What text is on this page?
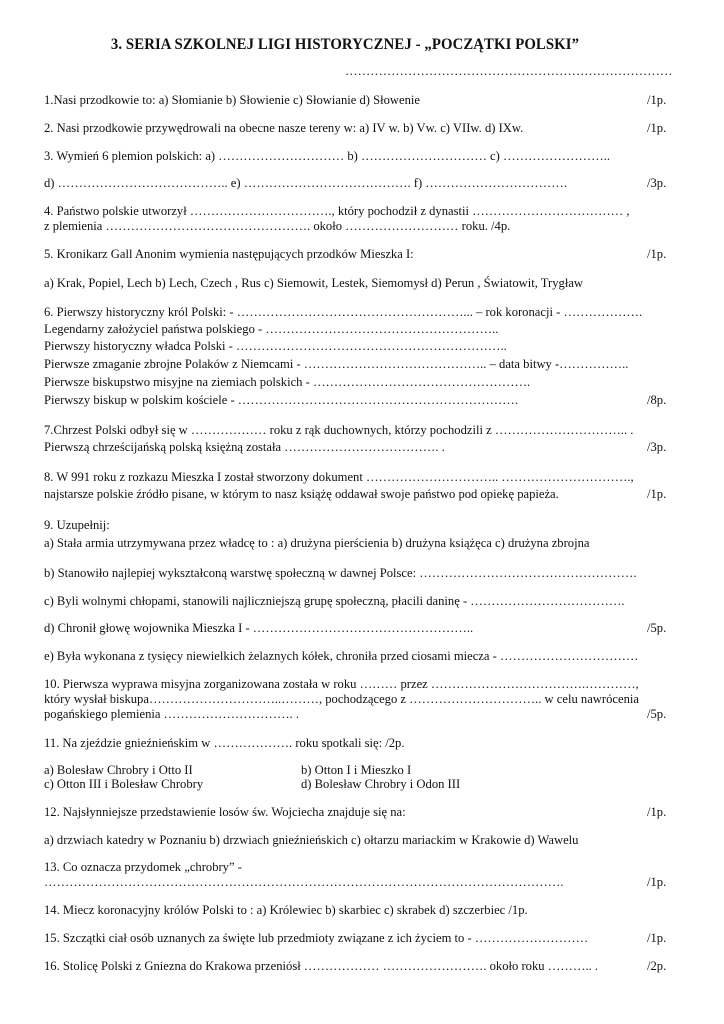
3. SERIA SZKOLNEJ LIGI HISTORYCZNEJ - „POCZĄTKI POLSKI”
……………………………………………………………………
1.Nasi przodkowie to: a) Słomianie b) Słowienie c) Słowianie d) Słowenie	/1p.
2. Nasi przodkowie przywędrowali na obecne nasze tereny w: a) IV w. b) Vw. c) VIIw. d) IXw.	/1p.
3. Wymień 6 plemion polskich: a) ………………………… b) ………………………… c) ……………………..
d) ………………………………….. e) …………………………………. f) …………………………….	/3p.
4. Państwo polskie utworzył ……………………………., który pochodził z dynastii ……………………………… ,
z plemienia …………………………………………. około ……………………… roku. /4p.
5. Kronikarz Gall Anonim wymienia następujących przodków Mieszka I:	/1p.
a) Krak, Popiel, Lech b) Lech, Czech , Rus c) Siemowit, Lestek, Siemomysł d) Perun , Światowit, Trygław
6. Pierwszy historyczny król Polski: - ………………………………………………... – rok koronacji - ……………….
Legendarny założyciel państwa polskiego - ………………………………………………..
Pierwszy historyczny władca Polski - ………………………………………………………..
Pierwsze zmaganie zbrojne Polaków z Niemcami - …………………………………….. – data bitwy -……………..
Pierwsze biskupstwo misyjne na ziemiach polskich - …………………………………………….
Pierwszy biskup w polskim kościele - ………………………………………………………….	/8p.
7.Chrzest Polski odbył się w ……………… roku z rąk duchownych, którzy pochodzili z ………………………….. .
Pierwszą chrześcijańską polską księżną została ………………………………. .	/3p.
8. W 991 roku z rozkazu Mieszka I został stworzony dokument ………………………….. ………………………….,
najstarsze polskie źródło pisane, w którym to nasz książę oddawał swoje państwo pod opiekę papieża.	/1p.
9. Uzupełnij:
a) Stała armia utrzymywana przez władcę to : a) drużyna pierścienia b) drużyna książęca c) drużyna zbrojna
b) Stanowiło najlepiej wykształconą warstwę społeczną w dawnej Polsce: …………………………………………….
c) Byli wolnymi chłopami, stanowili najliczniejszą grupę społeczną, płacili daninę - ……………………………….
d) Chronił głowę wojownika Mieszka I - ……………………………………………..	/5p.
e) Była wykonana z tysięcy niewielkich żelaznych kółek, chroniła przed ciosami miecza - ……………………………
10. Pierwsza wyprawa misyjna zorganizowana została w roku ……… przez ……………………………….…………,
który wysłał biskupa…………………………..………, pochodzącego z ………………………….. w celu nawrócenia
pogańskiego plemienia …………………………. .	/5p.
11. Na zjeździe gnieźnieńskim w ………………. roku spotkali się: /2p.
a) Bolesław Chrobry i Otto II	b) Otton I i Mieszko I
c) Otton III i Bolesław Chrobry	d) Bolesław Chrobry i Odon III
12. Najsłynniejsze przedstawienie losów św. Wojciecha znajduje się na:	/1p.
a) drzwiach katedry w Poznaniu b) drzwiach gnieźnieńskich c) ołtarzu mariackim w Krakowie d) Wawelu
13. Co oznacza przydomek „chrobry” -
…………………………………………………………………………………………………………….	/1p.
14. Miecz koronacyjny królów Polski to : a) Królewiec b) skarbiec c) skrabek d) szczerbiec /1p.
15. Szczątki ciał osób uznanych za święte lub przedmioty związane z ich życiem to - ………………………	/1p.
16. Stolicę Polski z Gniezna do Krakowa przeniósł ……………… ……………………. około roku ……….. .	/2p.
